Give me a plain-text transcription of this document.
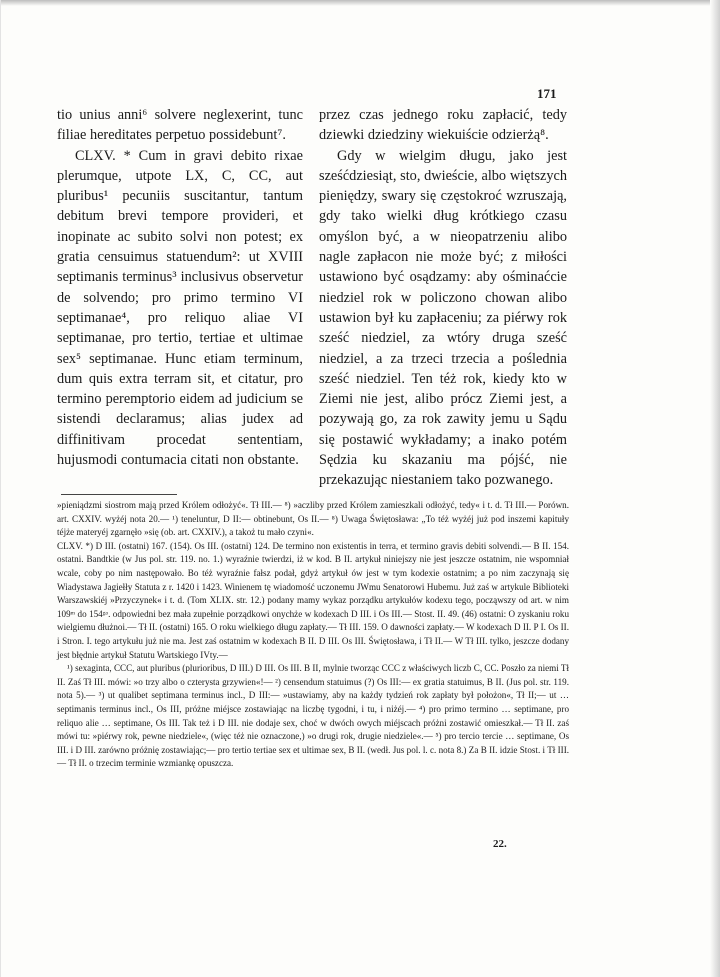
171

tio unius anni⁶ solvere neglexerint, tunc filiae hereditates perpetuo possidebunt⁷.

CLXV. * Cum in gravi debito rixae plerumque, utpote LX, C, CC, aut pluribus¹ pecuniis suscitantur, tantum debitum brevi tempore provideri, et inopinate ac subito solvi non potest; ex gratia censuimus statuendum²: ut XVIII septimanis terminus³ inclusivus observetur de solvendo; pro primo termino VI septimanae⁴, pro reliquo aliae VI septimanae, pro tertio, tertiae et ultimae sex⁵ septimanae. Hunc etiam terminum, dum quis extra terram sit, et citatur, pro termino peremptorio eidem ad judicium se sistendi declaramus; alias judex ad diffinitivam procedat sententiam, hujusmodi contumacia citati non obstante.

przez czas jednego roku zapłacić, tedy dziewki dziedziny wiekuiście odzierżą⁸.

Gdy w wielgim długu, jako jest sześćdziesiąt, sto, dwieście, albo więtszych pieniędzy, swary się częstokroć wzruszają, gdy tako wielki dług krótkiego czasu omyślon być, a w nieopatrzeniu alibo nagle zapłacon nie może być; z miłości ustawiono być osądzamy: aby ośminaćcie niedziel rok w policzono chowan alibo ustawion był ku zapłaceniu; za piérwy rok sześć niedziel, za wtóry druga sześć niedziel, a za trzeci trzecia a poślednia sześć niedziel. Ten téż rok, kiedy kto w Ziemi nie jest, alibo prócz Ziemi jest, a pozywają go, za rok zawity jemu u Sądu się postawić wykładamy; a inako potém Sędzia ku skazaniu ma pójść, nie przekazując niestaniem tako pozwanego.

»pieniądzmi siostrom mają przed Królem odłożyć«. Tł III.— ⁸) »aczliby przed Królem zamieszkali odłożyć, tedy« i t. d. Tł III.— Porówn. art. CXXIV. wyżéj nota 20.— ¹) teneluntur, D II:— obtinebunt, Os II.— ⁸) Uwaga Świętosława: „To téż wyżéj już pod inszemi kapituły téjże materyéj zgarnęło »się (ob. art. CXXIV.), a takoż tu mało czyni«.

CLXV. *) D III. (ostatni) 167. (154). Os III. (ostatni) 124. De termino non existentis in terra, et termino gravis debiti solvendi.— B II. 154. ostatni. Bandtkie (w Jus pol. str. 119. no. 1.) wyraźnie twierdzi, iż w kod. B II. artykuł niniejszy nie jest jeszcze ostatnim, nie wspomniał wcale, coby po nim następowało. Bo téż wyraźnie fałsz podał, gdyż artykuł ów jest w tym kodexie ostatnim; a po nim zaczynają się Wiadystawa Jagiełły Statuta z r. 1420 i 1423. Winienem tę wiadomość uczonemu JWmu Senatorowi Hubemu. Już zaś w artykule Biblioteki Warszawskiéj »Przyczynek« i t. d. (Tom XLIX. str. 12.) podany mamy wykaz porządku artykułów kodexu tego, począwszy od art. w nim 109ᵐ do 154ᵍᵒ. odpowiedni bez mała zupełnie porządkowi onychże w kodexach D III. i Os III.— Stost. II. 49. (46) ostatni: O zyskaniu roku wielgiemu dłużnoi.— Tł II. (ostatni) 165. O roku wielkiego długu zapłaty.— Tł III. 159. O dawności zapłaty.— W kodexach D II. P I. Os II. i Stron. I. tego artykułu już nie ma. Jest zaś ostatnim w kodexach B II. D III. Os III. Świętosława, i Tł II.— W Tł III. tylko, jeszcze dodany jest błędnie artykuł Statutu Wartskiego IVty.—

¹) sexaginta, CCC, aut pluribus (plurioribus, D III.) D III. Os III. B II, mylnie tworząc CCC z właściwych liczb C, CC. Poszło za niemi Tł II. Zaś Tł III. mówi: »o trzy albo o czterysta grzywien«!— ²) censendum statuimus (?) Os III:— ex gratia statuimus, B II. (Jus pol. str. 119. nota 5).— ³) ut qualibet septimana terminus incl., D III:— »ustawiamy, aby na każdy tydzień rok zapłaty był położon«, Tł II;— ut … septimanis terminus incl., Os III, próżne miéjsce zostawiając na liczbę tygodni, i tu, i niżéj.— ⁴) pro primo termino … septimane, pro reliquo alie … septimane, Os III. Tak też i D III. nie dodaje sex, choć w dwóch owych miéjscach próżni zostawić omieszkał.— Tł II. zaś mówi tu: »piérwy rok, pewne niedziele«, (więc téż nie oznaczone,) »o drugi rok, drugie niedziele«.— ⁵) pro tercio tercie … septimane, Os III. i D III. zarówno próżnię zostawiając;— pro tertio tertiae sex et ultimae sex, B II. (wedł. Jus pol. l. c. nota 8.) Za B II. idzie Stost. i Tł III.— Tł II. o trzecim terminie wzmiankę opuszcza.

22.
